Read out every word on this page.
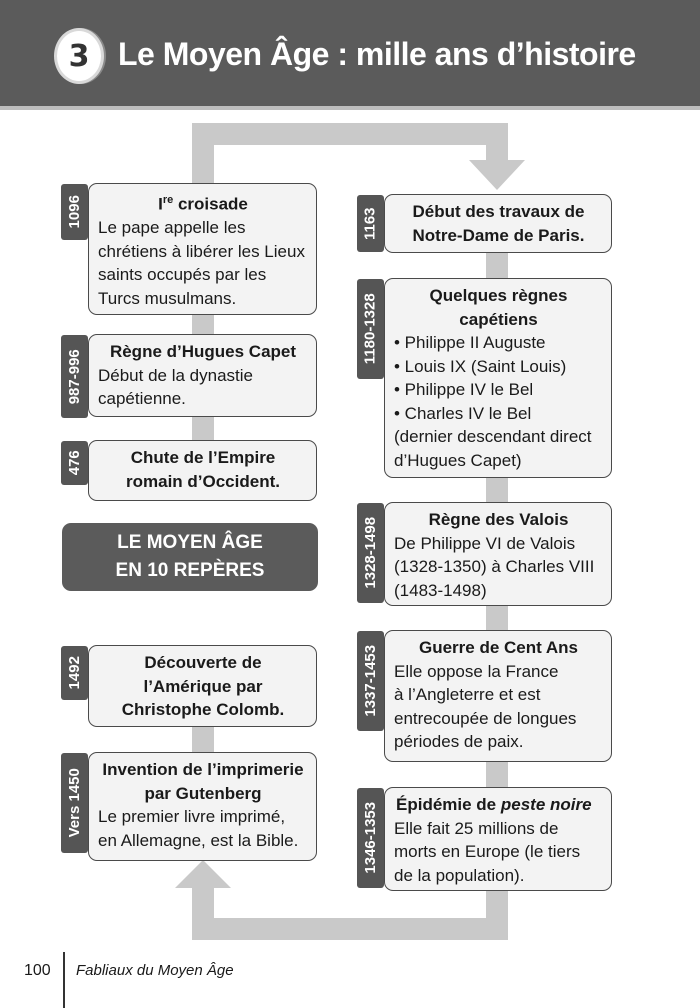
3 Le Moyen Âge : mille ans d’histoire
1096	Ire croisade
Le pape appelle les chrétiens à libérer les Lieux saints occupés par les Turcs musulmans.
987-996	Règne d’Hugues Capet
Début de la dynastie capétienne.
476	Chute de l’Empire
romain d’Occident.
LE MOYEN ÂGE
EN 10 REPÈRES
1492	Découverte de
l’Amérique par
Christophe Colomb.
Vers 1450 Invention de l’imprimerie
par Gutenberg
Le premier livre imprimé, en Allemagne, est la Bible.
1163	Début des travaux de
Notre-Dame de Paris.
1180-1328	Quelques règnes
capétiens
• Philippe II Auguste
• Louis IX (Saint Louis)
• Philippe IV le Bel
• Charles IV le Bel
(dernier descendant direct
d’Hugues Capet)
1328-1498	Règne des Valois
De Philippe VI de Valois
(1328-1350) à Charles VIII
(1483-1498)
1337-1453	Guerre de Cent Ans
Elle oppose la France
à l’Angleterre et est
entrecoupée de longues
périodes de paix.
1346-1353 Épidémie de peste noire
Elle fait 25 millions de
morts en Europe (le tiers
de la population).
100 Fabliaux du Moyen Âge
